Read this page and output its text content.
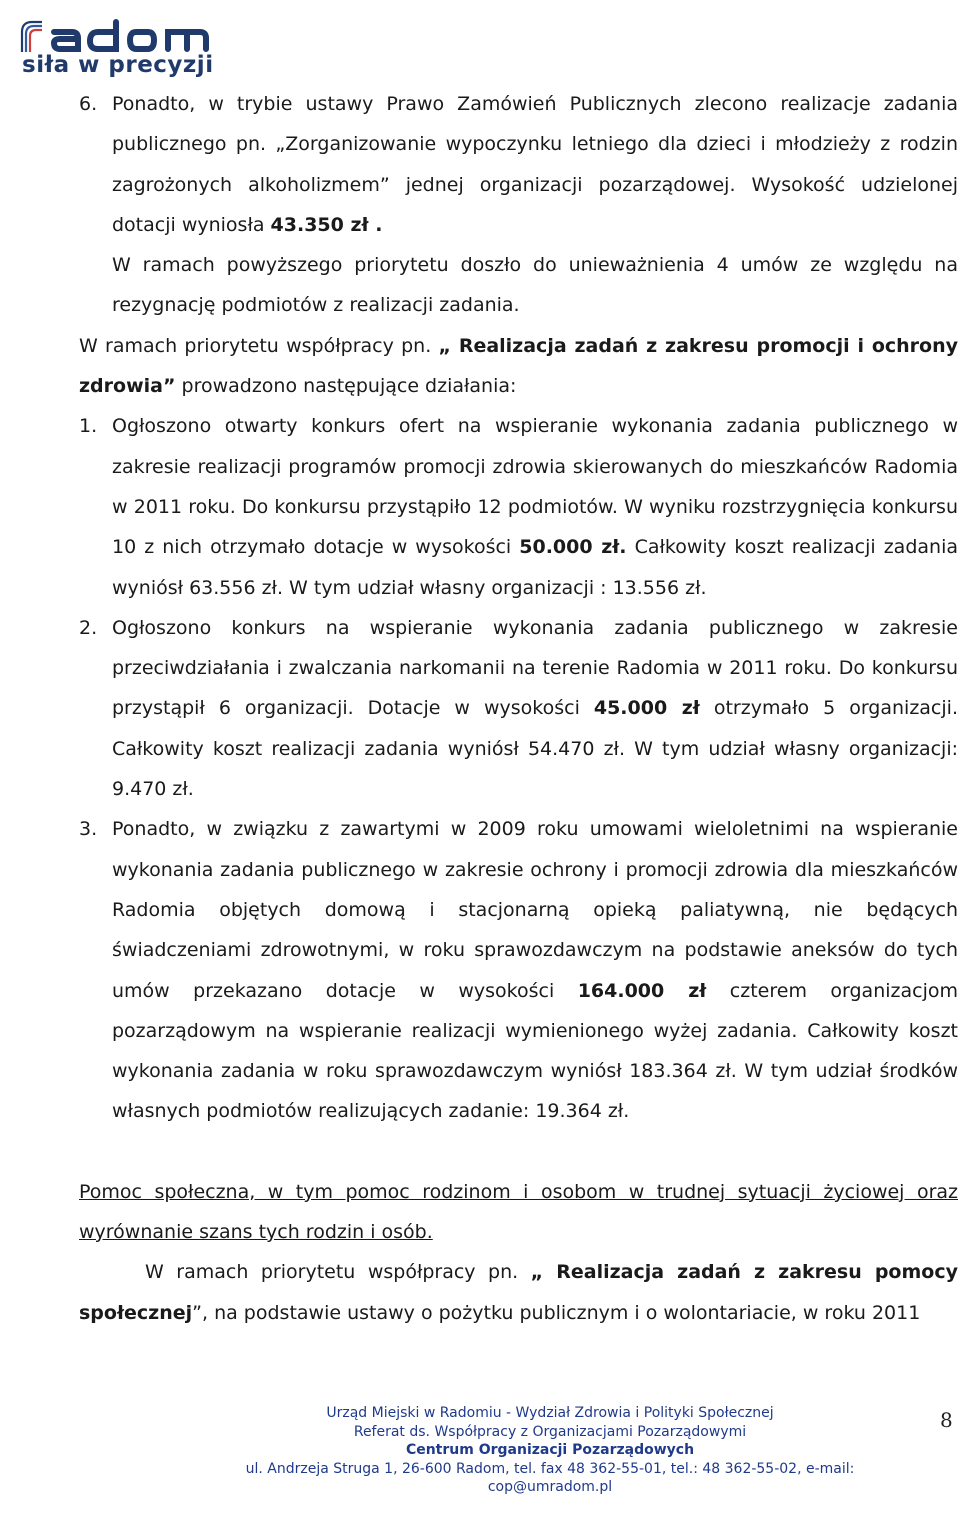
siła w precyzji

6. Ponadto, w trybie ustawy Prawo Zamówień Publicznych zlecono realizacje zadania publicznego pn. „Zorganizowanie wypoczynku letniego dla dzieci i młodzieży z rodzin zagrożonych alkoholizmem” jednej organizacji pozarządowej. Wysokość udzielonej dotacji wyniosła 43.350 zł .
W ramach powyższego priorytetu doszło do unieważnienia 4 umów ze względu na rezygnację podmiotów z realizacji zadania.

W ramach priorytetu współpracy pn. „ Realizacja zadań z zakresu promocji i ochrony zdrowia” prowadzono następujące działania:

1. Ogłoszono otwarty konkurs ofert na wspieranie wykonania zadania publicznego w zakresie realizacji programów promocji zdrowia skierowanych do mieszkańców Radomia w 2011 roku. Do konkursu przystąpiło 12 podmiotów. W wyniku rozstrzygnięcia konkursu 10 z nich otrzymało dotacje w wysokości 50.000 zł. Całkowity koszt realizacji zadania wyniósł 63.556 zł. W tym udział własny organizacji : 13.556 zł.

2. Ogłoszono konkurs na wspieranie wykonania zadania publicznego w zakresie przeciwdziałania i zwalczania narkomanii na terenie Radomia w 2011 roku. Do konkursu przystąpił 6 organizacji. Dotacje w wysokości 45.000 zł otrzymało 5 organizacji. Całkowity koszt realizacji zadania wyniósł 54.470 zł. W tym udział własny organizacji: 9.470 zł.

3. Ponadto, w związku z zawartymi w 2009 roku umowami wieloletnimi na wspieranie wykonania zadania publicznego w zakresie ochrony i promocji zdrowia dla mieszkańców Radomia objętych domową i stacjonarną opieką paliatywną, nie będących świadczeniami zdrowotnymi, w roku sprawozdawczym na podstawie aneksów do tych umów przekazano dotacje w wysokości 164.000 zł czterem organizacjom pozarządowym na wspieranie realizacji wymienionego wyżej zadania. Całkowity koszt wykonania zadania w roku sprawozdawczym wyniósł 183.364 zł. W tym udział środków własnych podmiotów realizujących zadanie: 19.364 zł.

Pomoc społeczna, w tym pomoc rodzinom i osobom w trudnej sytuacji życiowej oraz wyrównanie szans tych rodzin i osób.

W ramach priorytetu współpracy pn. „ Realizacja zadań z zakresu pomocy społecznej”, na podstawie ustawy o pożytku publicznym i o wolontariacie, w roku 2011

Urząd Miejski w Radomiu - Wydział Zdrowia i Polityki Społecznej
Referat ds. Współpracy z Organizacjami Pozarządowymi
Centrum Organizacji Pozarządowych
ul. Andrzeja Struga 1, 26-600 Radom, tel. fax 48 362-55-01, tel.: 48 362-55-02, e-mail: cop@umradom.pl
8
